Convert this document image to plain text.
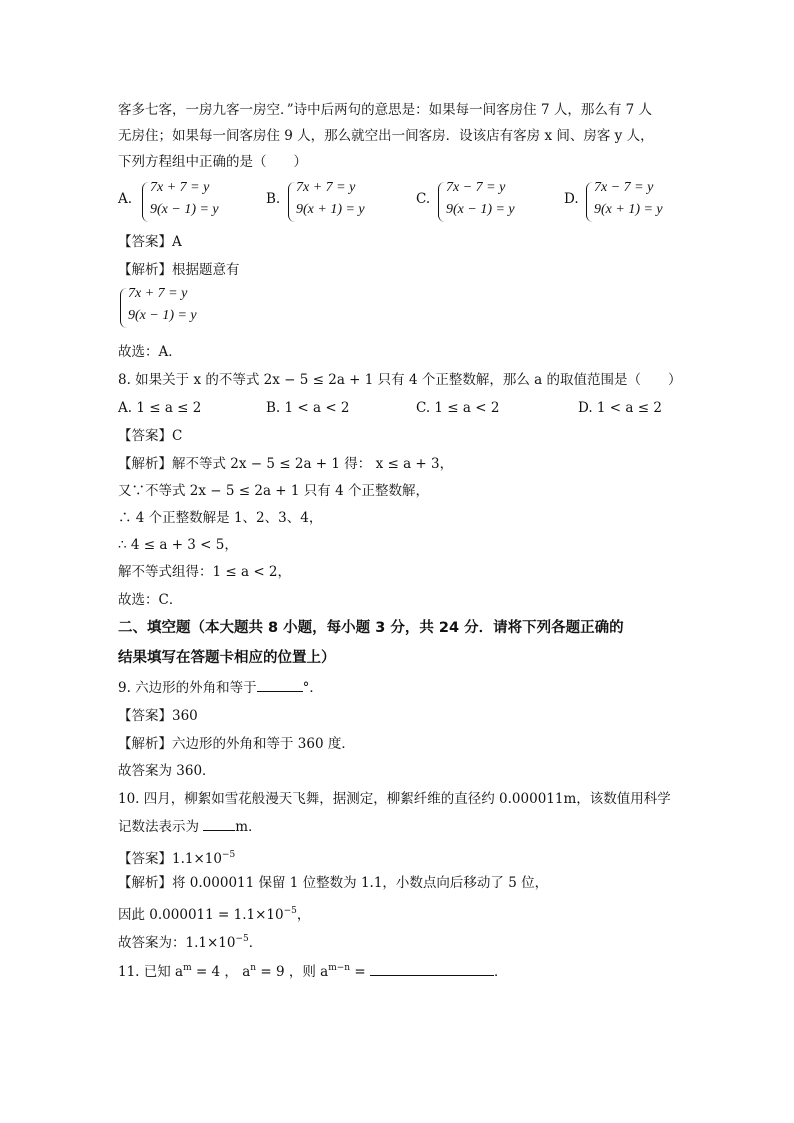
客多七客，一房九客一房空．”诗中后两句的意思是：如果每一间客房住 7 人，那么有 7 人
无房住；如果每一间客房住 9 人，那么就空出一间客房．设该店有客房 x 间、房客 y 人，
下列方程组中正确的是（　　）
A.
7x + 7 = y
9(x − 1) = y
B.
7x + 7 = y
9(x + 1) = y
C.
7x − 7 = y
9(x − 1) = y
D.
7x − 7 = y
9(x + 1) = y
【答案】A
【解析】根据题意有
7x + 7 = y
9(x − 1) = y
故选：A．
8. 如果关于 x 的不等式 2x − 5 ≤ 2a + 1 只有 4 个正整数解，那么 a 的取值范围是（　　）
A. 1 ≤ a ≤ 2	B. 1 < a < 2	C. 1 ≤ a < 2	D. 1 < a ≤ 2
【答案】C
【解析】解不等式 2x − 5 ≤ 2a + 1 得： x ≤ a + 3，
又∵不等式 2x − 5 ≤ 2a + 1 只有 4 个正整数解，
∴ 4 个正整数解是 1、2、3、4，
∴ 4 ≤ a + 3 < 5，
解不等式组得：1 ≤ a < 2，
故选：C．
二、填空题（本大题共 8 小题，每小题 3 分，共 24 分．请将下列各题正确的
结果填写在答题卡相应的位置上）
9. 六边形的外角和等于	°．
【答案】360
【解析】六边形的外角和等于 360 度．
故答案为 360．
10. 四月，柳絮如雪花般漫天飞舞，据测定，柳絮纤维的直径约 0.000011m，该数值用科学
记数法表示为 m．
【答案】$1.1\times 10^{-5}$
【解析】将 0.000011 保留 1 位整数为 1.1，小数点向后移动了 5 位，
因此 $0.000011 = 1.1\times 10^{-5}$，
故答案为：$1.1\times 10^{-5}$．
11. 已知 $a^m = 4$ ， $a^n = 9$ ，则 $a^{m-n}$ =	．
